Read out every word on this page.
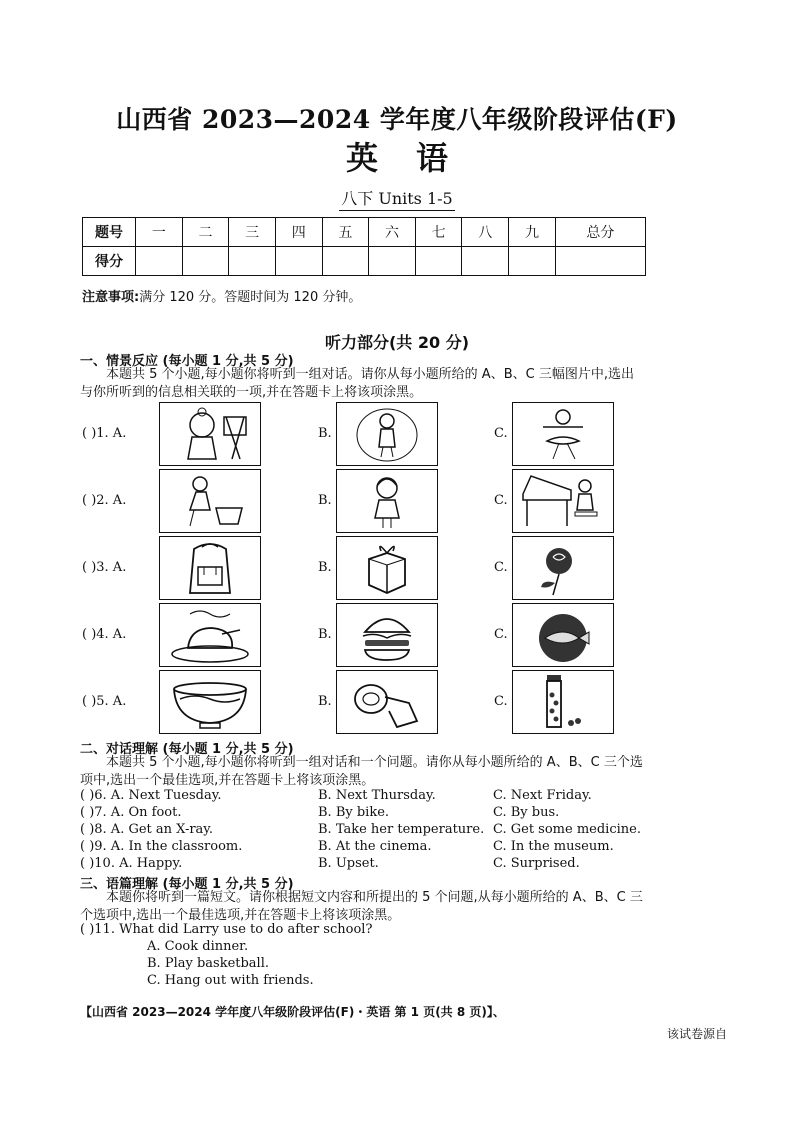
山西省 2023—2024 学年度八年级阶段评估(F)
英语
八下 Units 1-5
题号	一	二	三	四	五	六	七	八	九	总分
得分										
注意事项:满分 120 分。答题时间为 120 分钟。
听力部分(共 20 分)
一、情景反应 (每小题 1 分,共 5 分)
本题共 5 个小题,每小题你将听到一组对话。请你从每小题所给的 A、B、C 三幅图片中,选出与你所听到的信息相关联的一项,并在答题卡上将该项涂黑。
( )1. A.	B.	C.
( )2. A.	B.	C.
( )3. A.	B.	C.
( )4. A.	B.	C.
( )5. A.	B.	C.
二、对话理解 (每小题 1 分,共 5 分)
本题共 5 个小题,每小题你将听到一组对话和一个问题。请你从每小题所给的 A、B、C 三个选项中,选出一个最佳选项,并在答题卡上将该项涂黑。
( )6. A. Next Tuesday.	B. Next Thursday.	C. Next Friday.
( )7. A. On foot.	B. By bike.	C. By bus.
( )8. A. Get an X-ray.	B. Take her temperature. C. Get some medicine.
( )9. A. In the classroom.	B. At the cinema.	C. In the museum.
( )10. A. Happy.	B. Upset.	C. Surprised.
三、语篇理解 (每小题 1 分,共 5 分)
本题你将听到一篇短文。请你根据短文内容和所提出的 5 个问题,从每小题所给的 A、B、C 三个选项中,选出一个最佳选项,并在答题卡上将该项涂黑。
( )11. What did Larry use to do after school?
A. Cook dinner.
B. Play basketball.
C. Hang out with friends.
【山西省 2023—2024 学年度八年级阶段评估(F)・英语 第 1 页(共 8 页)】、
该试卷源自
